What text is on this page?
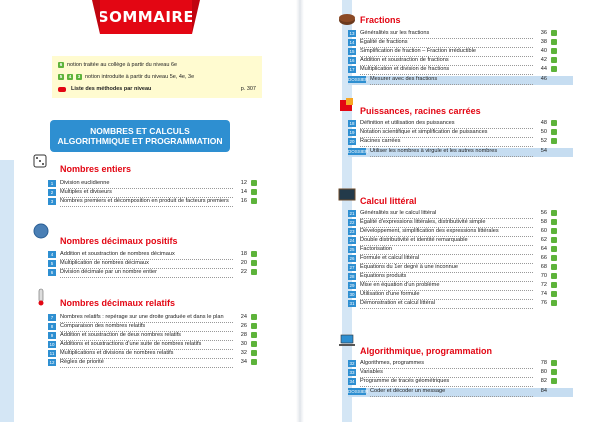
SOMMAIRE
6 notion traitée au collège à partir du niveau 6e
5	4	3 notion introduite à partir du niveau 5e, 4e, 3e
Liste des méthodes par niveau	p. 307
NOMBRES ET CALCULS
ALGORITHMIQUE ET PROGRAMMATION
Nombres entiers
1	Division euclidienne	12
2	Multiples et diviseurs	14
3	Nombres premiers et décomposition en produit de facteurs premiers	16
Nombres décimaux positifs
4	Addition et soustraction de nombres décimaux	18
5	Multiplication de nombres décimaux	20
6	Division décimale par un nombre entier	22
Nombres décimaux relatifs
7	Nombres relatifs : repérage sur une droite graduée et dans le plan	24
8	Comparaison des nombres relatifs	26
9	Addition et soustraction de deux nombres relatifs	28
10 Additions et soustractions d'une suite de nombres relatifs	30
11 Multiplications et divisions de nombres relatifs	32
12 Règles de priorité	34
Fractions
13 Généralités sur les fractions	36
14 Égalité de fractions	38
15 Simplification de fraction – Fraction irréductible	40
16 Addition et soustraction de fractions	42
17 Multiplication et division de fractions	44
DOSSIER Mesurer avec des fractions	46
Puissances, racines carrées
18 Définition et utilisation des puissances	48
19 Notation scientifique et simplification de puissances	50
20 Racines carrées	52
DOSSIER Utiliser les nombres à virgule et les autres nombres	54
Calcul littéral
21 Généralités sur le calcul littéral	56
22 Égalité d'expressions littérales, distributivité simple	58
23 Développement, simplification des expressions littérales	60
24 Double distributivité et identité remarquable	62
25 Factorisation	64
26 Formule et calcul littéral	66
27 Équations du 1er degré à une inconnue	68
28 Équations produits	70
29 Mise en équation d'un problème	72
30 Utilisation d'une formule	74
31 Démonstration et calcul littéral	76
Algorithmique, programmation
32 Algorithmes, programmes	78
33 Variables	80
34 Programme de tracés géométriques	82
DOSSIER Coder et décoder un message	84
